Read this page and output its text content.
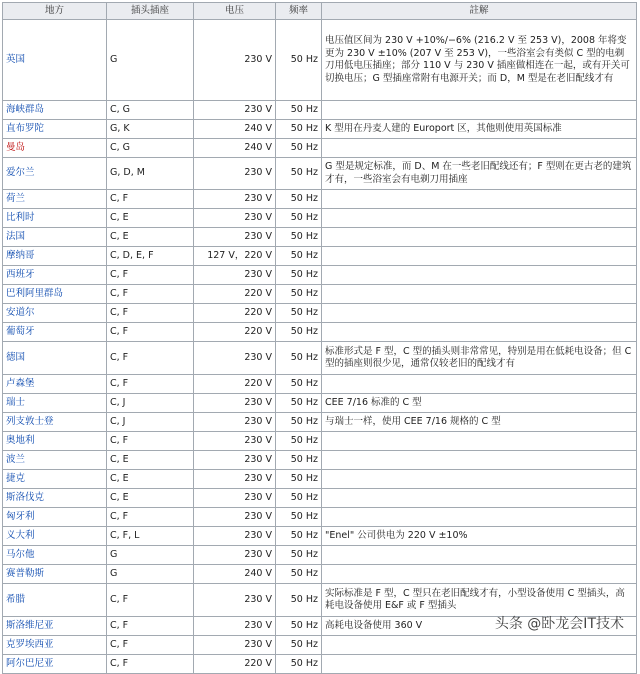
地方	插头插座	电压	频率	註解
英国	G	230 V	50 Hz	电压值区间为 230 V +10%/−6% (216.2 V 至 253 V)，2008 年将变更为 230 V ±10% (207 V 至 253 V)，一些浴室会有类似 C 型的电剃刀用低电压插座；部分 110 V 与 230 V 插座做相连在一起，或有开关可切换电压；G 型插座常附有电源开关；而 D，M 型是在老旧配线才有
海峡群岛	C, G	230 V	50 Hz	
直布罗陀	G, K	240 V	50 Hz	K 型用在丹麦人建的 Europort 区，其他则使用英国标准
曼岛	C, G	240 V	50 Hz	
爱尔兰	G, D, M	230 V	50 Hz	G 型是规定标准，而 D、M 在一些老旧配线还有；F 型则在更古老的建筑才有，一些浴室会有电剃刀用插座
荷兰	C, F	230 V	50 Hz	
比利时	C, E	230 V	50 Hz	
法国	C, E	230 V	50 Hz	
摩纳哥	C, D, E, F	127 V，220 V	50 Hz	
西班牙	C, F	230 V	50 Hz	
巴利阿里群岛	C, F	220 V	50 Hz	
安道尔	C, F	220 V	50 Hz	
葡萄牙	C, F	220 V	50 Hz	
德国	C, F	230 V	50 Hz	标准形式是 F 型，C 型的插头则非常常见，特别是用在低耗电设备；但 C 型的插座则很少见，通常仅较老旧的配线才有
卢森堡	C, F	220 V	50 Hz	
瑞士	C, J	230 V	50 Hz	CEE 7/16 标准的 C 型
列支敦士登	C, J	230 V	50 Hz	与瑞士一样，使用 CEE 7/16 规格的 C 型
奥地利	C, F	230 V	50 Hz	
波兰	C, E	230 V	50 Hz	
捷克	C, E	230 V	50 Hz	
斯洛伐克	C, E	230 V	50 Hz	
匈牙利	C, F	230 V	50 Hz	
义大利	C, F, L	230 V	50 Hz	"Enel" 公司供电为 220 V ±10%
马尔他	G	230 V	50 Hz	
赛普勒斯	G	240 V	50 Hz	
希腊	C, F	230 V	50 Hz	实际标准是 F 型，C 型只在老旧配线才有，小型设备使用 C 型插头，高耗电设备使用 E&F 或 F 型插头
斯洛维尼亚	C, F	230 V	50 Hz	高耗电设备使用 360 V
克罗埃西亚	C, F	230 V	50 Hz	
阿尔巴尼亚	C, F	220 V	50 Hz	
头条 @卧龙会IT技术
